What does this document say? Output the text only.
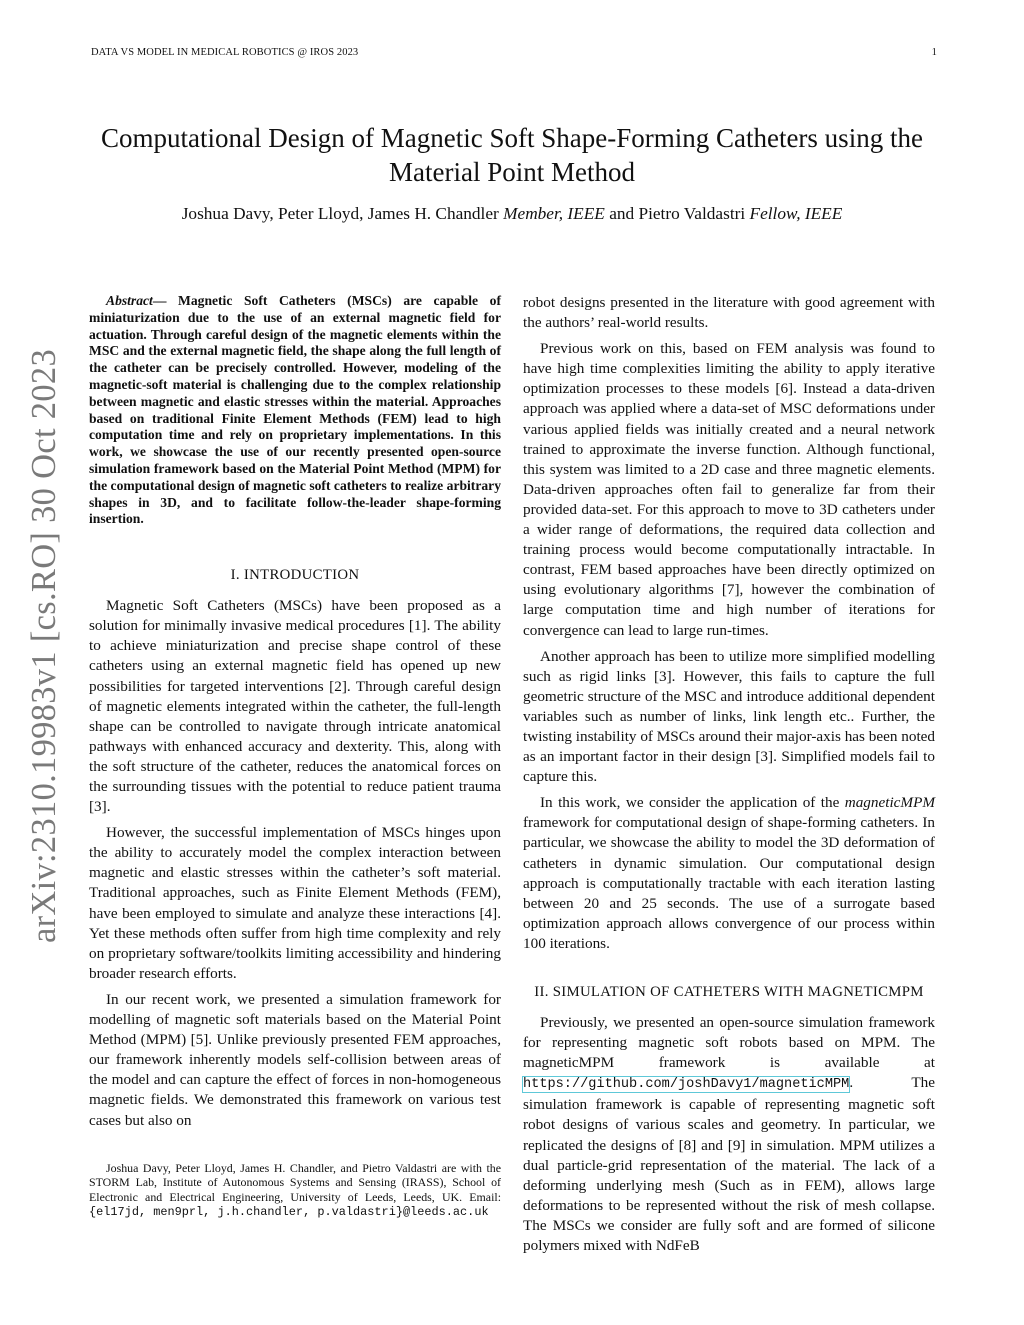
DATA VS MODEL IN MEDICAL ROBOTICS @ IROS 2023	1
Computational Design of Magnetic Soft Shape-Forming Catheters using the
Material Point Method
Joshua Davy, Peter Lloyd, James H. Chandler Member, IEEE and Pietro Valdastri Fellow, IEEE
arXiv:2310.19983v1 [cs.RO] 30 Oct 2023

Abstract— Magnetic Soft Catheters (MSCs) are capable of miniaturization due to the use of an external magnetic field for actuation. Through careful design of the magnetic elements within the MSC and the external magnetic field, the shape along the full length of the catheter can be precisely controlled. However, modeling of the magnetic-soft material is challenging due to the complex relationship between magnetic and elastic stresses within the material. Approaches based on traditional Finite Element Methods (FEM) lead to high computation time and rely on proprietary implementations. In this work, we showcase the use of our recently presented open-source simulation framework based on the Material Point Method (MPM) for the computational design of magnetic soft catheters to realize arbitrary shapes in 3D, and to facilitate follow-the-leader shape-forming insertion.

I. INTRODUCTION

Magnetic Soft Catheters (MSCs) have been proposed as a solution for minimally invasive medical procedures [1]. The ability to achieve miniaturization and precise shape control of these catheters using an external magnetic field has opened up new possibilities for targeted interventions [2]. Through careful design of magnetic elements integrated within the catheter, the full-length shape can be controlled to navigate through intricate anatomical pathways with enhanced accuracy and dexterity. This, along with the soft structure of the catheter, reduces the anatomical forces on the surrounding tissues with the potential to reduce patient trauma [3].

However, the successful implementation of MSCs hinges upon the ability to accurately model the complex interaction between magnetic and elastic stresses within the catheter’s soft material. Traditional approaches, such as Finite Element Methods (FEM), have been employed to simulate and analyze these interactions [4]. Yet these methods often suffer from high time complexity and rely on proprietary software/toolkits limiting accessibility and hindering broader research efforts.

In our recent work, we presented a simulation framework for modelling of magnetic soft materials based on the Material Point Method (MPM) [5]. Unlike previously presented FEM approaches, our framework inherently models self-collision between areas of the model and can capture the effect of forces in non-homogeneous magnetic fields. We demonstrated this framework on various test cases but also on

robot designs presented in the literature with good agreement with the authors’ real-world results.

Previous work on this, based on FEM analysis was found to have high time complexities limiting the ability to apply iterative optimization processes to these models [6]. Instead a data-driven approach was applied where a data-set of MSC deformations under various applied fields was initially created and a neural network trained to approximate the inverse function. Although functional, this system was limited to a 2D case and three magnetic elements. Data-driven approaches often fail to generalize far from their provided data-set. For this approach to move to 3D catheters under a wider range of deformations, the required data collection and training process would become computationally intractable. In contrast, FEM based approaches have been directly optimized on using evolutionary algorithms [7], however the combination of large computation time and high number of iterations for convergence can lead to large run-times.

Another approach has been to utilize more simplified modelling such as rigid links [3]. However, this fails to capture the full geometric structure of the MSC and introduce additional dependent variables such as number of links, link length etc.. Further, the twisting instability of MSCs around their major-axis has been noted as an important factor in their design [3]. Simplified models fail to capture this.

In this work, we consider the application of the magneticMPM framework for computational design of shape-forming catheters. In particular, we showcase the ability to model the 3D deformation of catheters in dynamic simulation. Our computational design approach is computationally tractable with each iteration lasting between 20 and 25 seconds. The use of a surrogate based optimization approach allows convergence of our process within 100 iterations.

II. SIMULATION OF CATHETERS WITH MAGNETICMPM

Previously, we presented an open-source simulation framework for representing magnetic soft robots based on MPM. The magneticMPM framework is available at https://github.com/joshDavy1/magneticMPM. The simulation framework is capable of representing magnetic soft robot designs of various scales and geometry. In particular, we replicated the designs of [8] and [9] in simulation. MPM utilizes a dual particle-grid representation of the material. The lack of a deforming underlying mesh (Such as in FEM), allows large deformations to be represented without the risk of mesh collapse. The MSCs we consider are fully soft and are formed of silicone polymers mixed with NdFeB

Joshua Davy, Peter Lloyd, James H. Chandler, and Pietro Valdastri are with the STORM Lab, Institute of Autonomous Systems and Sensing (IRASS), School of Electronic and Electrical Engineering, University of Leeds, Leeds, UK. Email: {el17jd, men9prl, j.h.chandler, p.valdastri}@leeds.ac.uk
